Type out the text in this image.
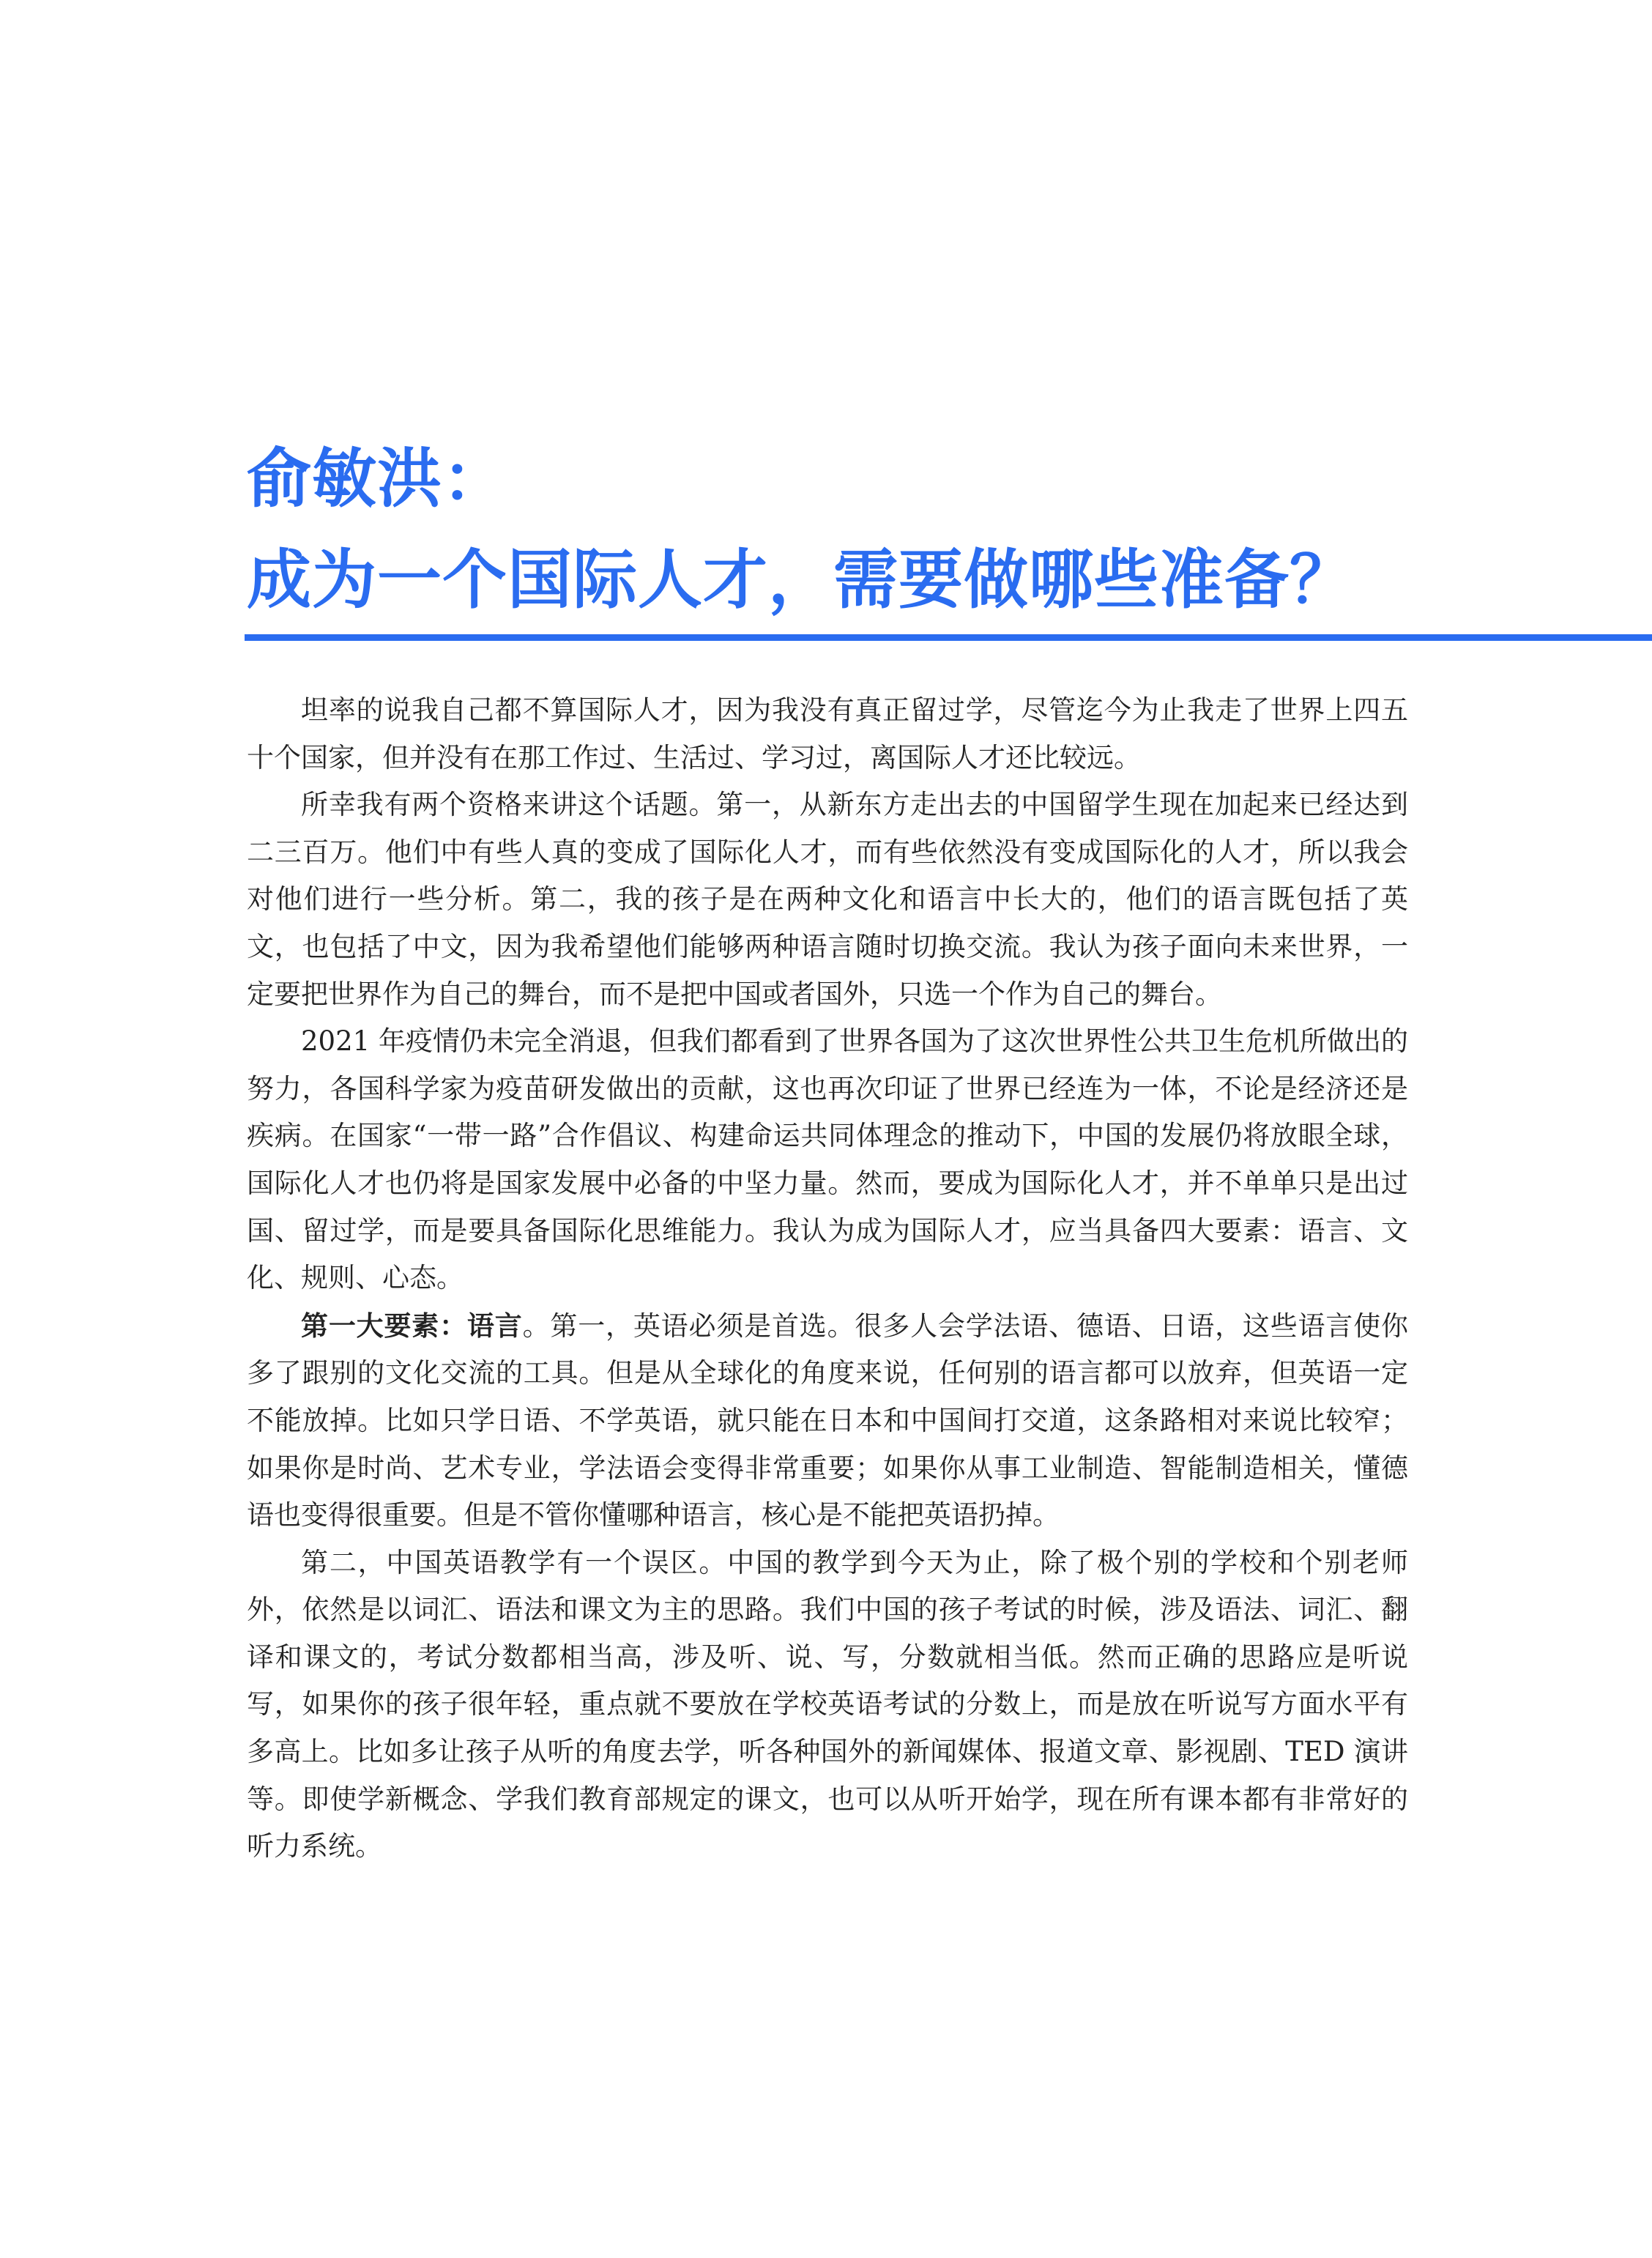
俞敏洪：
成为一个国际人才，需要做哪些准备？

坦率的说我自己都不算国际人才，因为我没有真正留过学，尽管迄今为止我走了世界上四五十个国家，但并没有在那工作过、生活过、学习过，离国际人才还比较远。

所幸我有两个资格来讲这个话题。第一，从新东方走出去的中国留学生现在加起来已经达到二三百万。他们中有些人真的变成了国际化人才，而有些依然没有变成国际化的人才，所以我会对他们进行一些分析。第二，我的孩子是在两种文化和语言中长大的，他们的语言既包括了英文，也包括了中文，因为我希望他们能够两种语言随时切换交流。我认为孩子面向未来世界，一定要把世界作为自己的舞台，而不是把中国或者国外，只选一个作为自己的舞台。

2021 年疫情仍未完全消退，但我们都看到了世界各国为了这次世界性公共卫生危机所做出的努力，各国科学家为疫苗研发做出的贡献，这也再次印证了世界已经连为一体，不论是经济还是疾病。在国家“一带一路”合作倡议、构建命运共同体理念的推动下，中国的发展仍将放眼全球，国际化人才也仍将是国家发展中必备的中坚力量。然而，要成为国际化人才，并不单单只是出过国、留过学，而是要具备国际化思维能力。我认为成为国际人才，应当具备四大要素：语言、文化、规则、心态。

第一大要素：语言。第一，英语必须是首选。很多人会学法语、德语、日语，这些语言使你多了跟别的文化交流的工具。但是从全球化的角度来说，任何别的语言都可以放弃，但英语一定不能放掉。比如只学日语、不学英语，就只能在日本和中国间打交道，这条路相对来说比较窄；如果你是时尚、艺术专业，学法语会变得非常重要；如果你从事工业制造、智能制造相关，懂德语也变得很重要。但是不管你懂哪种语言，核心是不能把英语扔掉。

第二，中国英语教学有一个误区。中国的教学到今天为止，除了极个别的学校和个别老师外，依然是以词汇、语法和课文为主的思路。我们中国的孩子考试的时候，涉及语法、词汇、翻译和课文的，考试分数都相当高，涉及听、说、写，分数就相当低。然而正确的思路应是听说写，如果你的孩子很年轻，重点就不要放在学校英语考试的分数上，而是放在听说写方面水平有多高上。比如多让孩子从听的角度去学，听各种国外的新闻媒体、报道文章、影视剧、TED 演讲等。即使学新概念、学我们教育部规定的课文，也可以从听开始学，现在所有课本都有非常好的听力系统。
